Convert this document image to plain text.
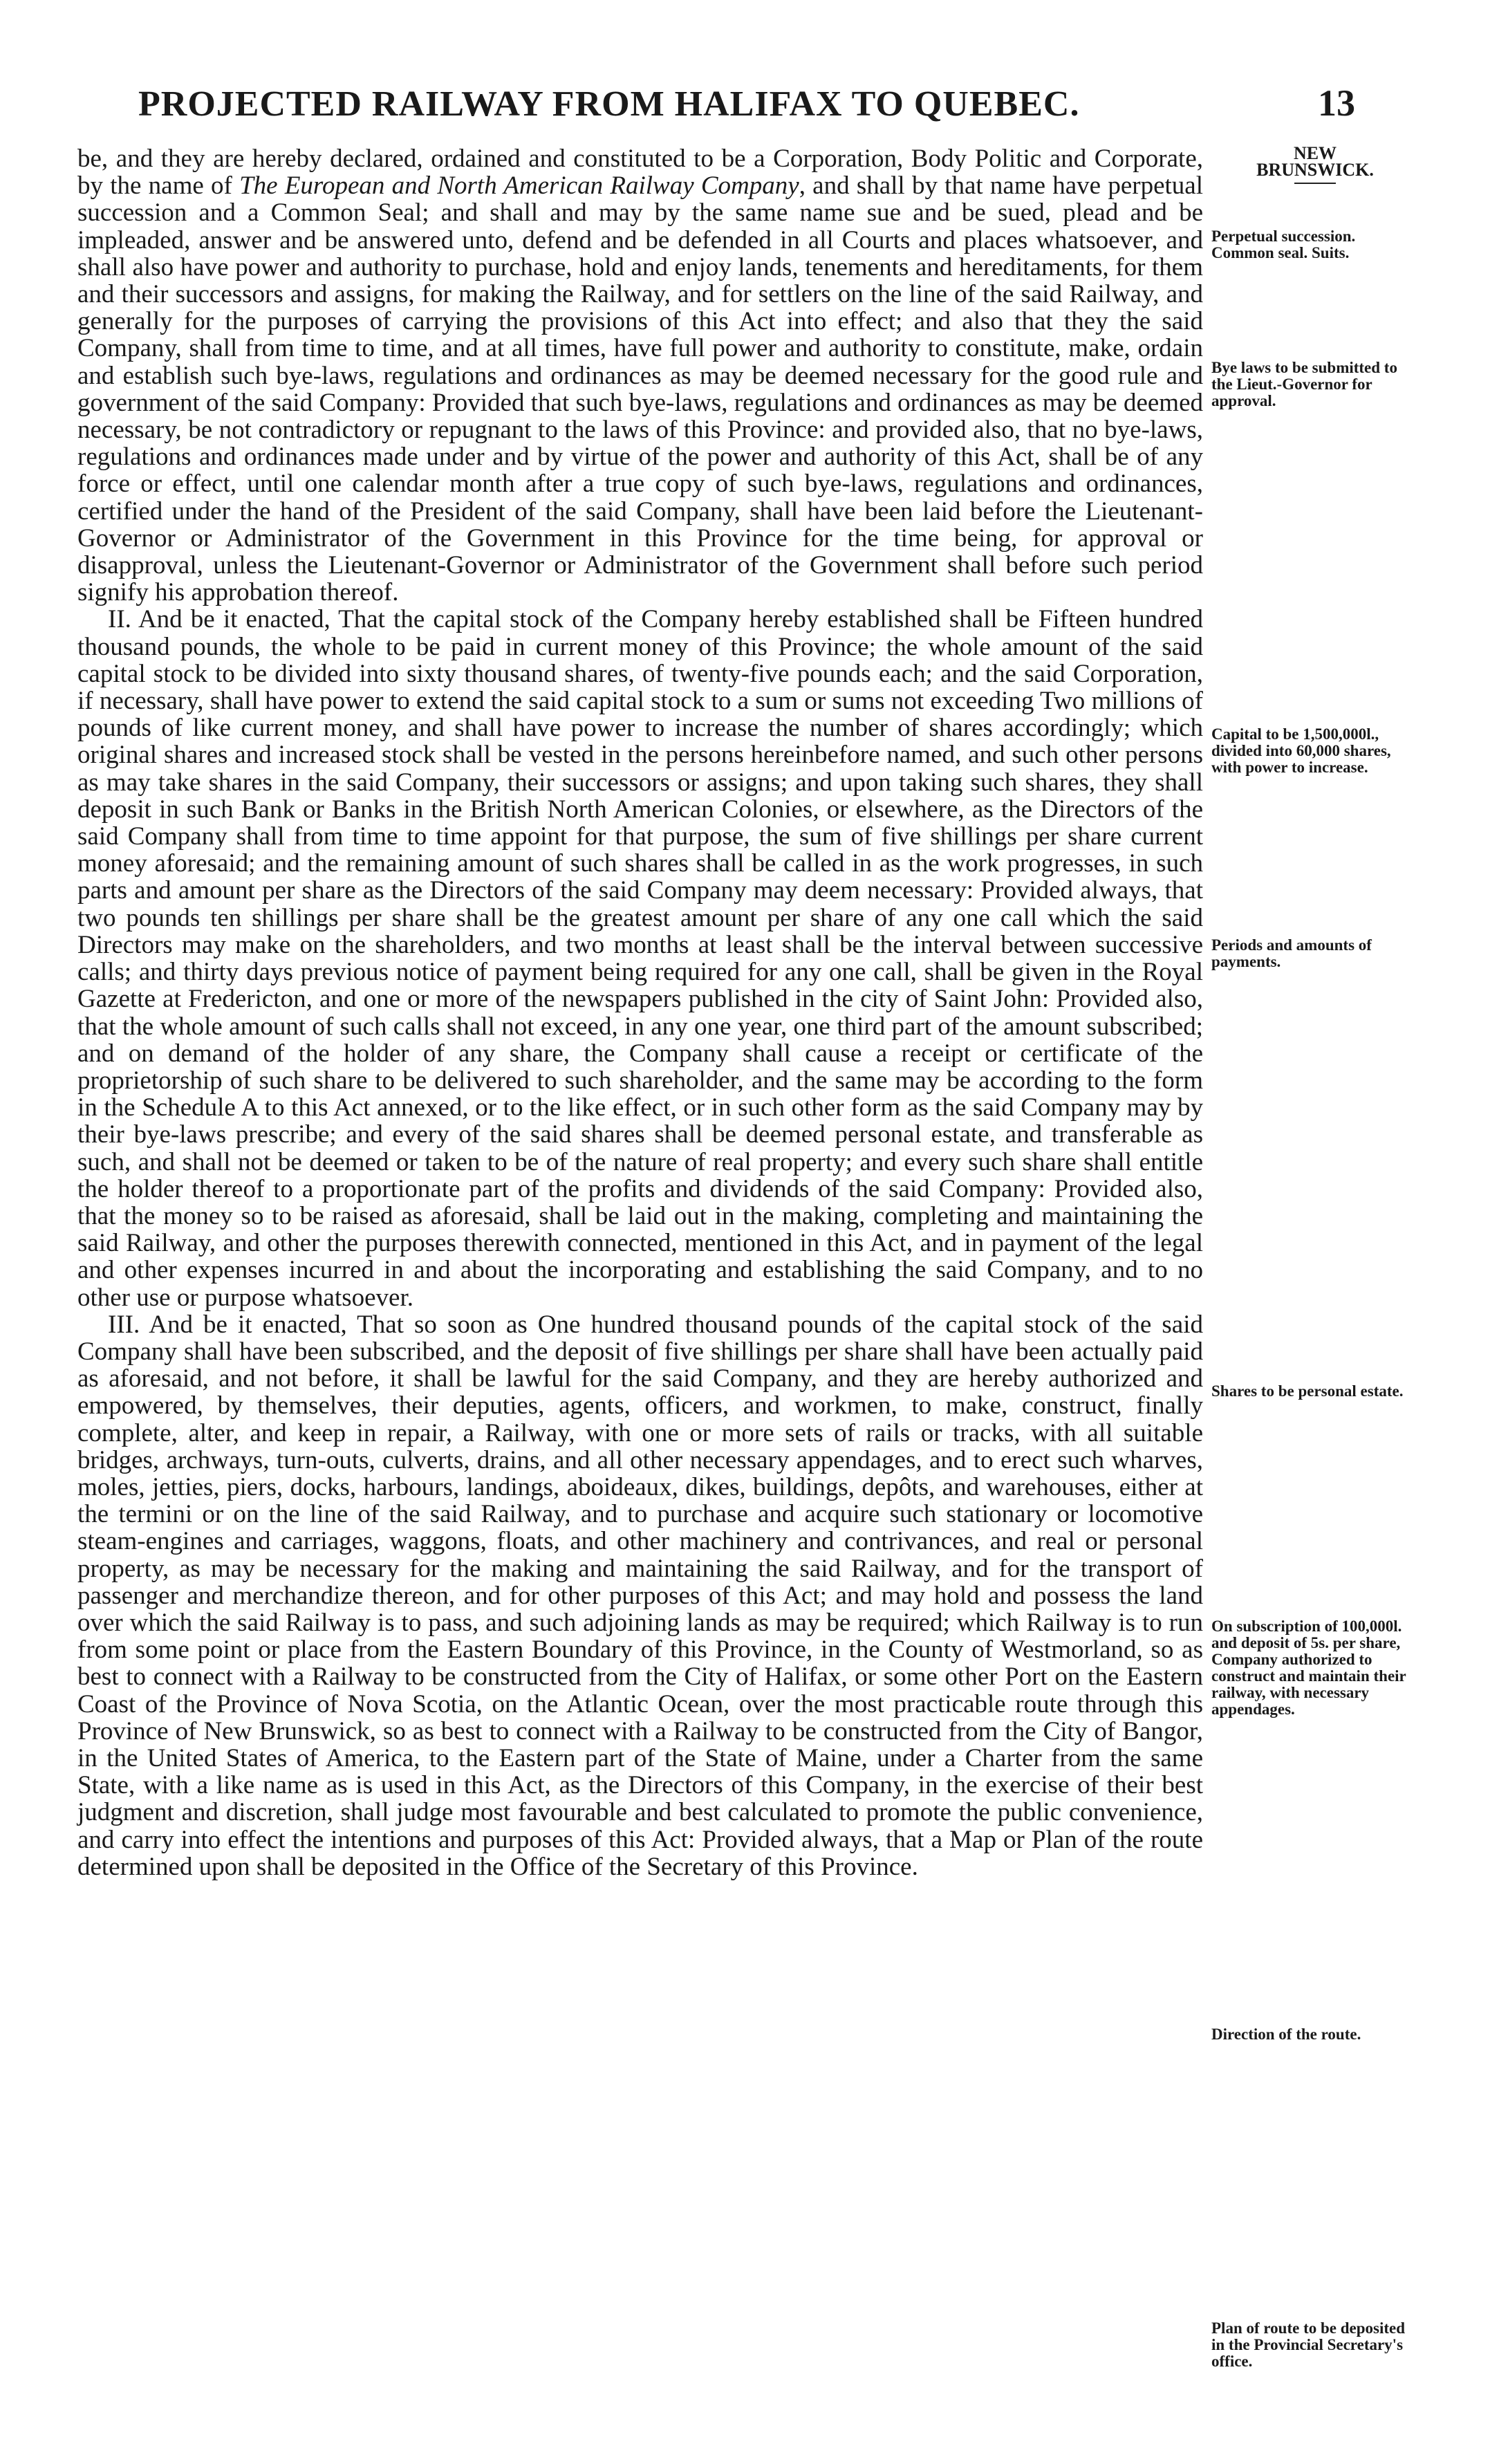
PROJECTED RAILWAY FROM HALIFAX TO QUEBEC.	13

be, and they are hereby declared, ordained and constituted to be a Corporation, Body Politic and Corporate, by the name of The European and North American Railway Company, and shall by that name have perpetual succession and a Common Seal; and shall and may by the same name sue and be sued, plead and be impleaded, answer and be answered unto, defend and be defended in all Courts and places whatsoever, and shall also have power and authority to purchase, hold and enjoy lands, tenements and hereditaments, for them and their successors and assigns, for making the Railway, and for settlers on the line of the said Railway, and generally for the purposes of carrying the provisions of this Act into effect; and also that they the said Company, shall from time to time, and at all times, have full power and authority to constitute, make, ordain and establish such bye-laws, regulations and ordinances as may be deemed necessary for the good rule and government of the said Company: Provided that such bye-laws, regulations and ordinances as may be deemed necessary, be not contradictory or repugnant to the laws of this Province: and provided also, that no bye-laws, regulations and ordinances made under and by virtue of the power and authority of this Act, shall be of any force or effect, until one calendar month after a true copy of such bye-laws, regulations and ordinances, certified under the hand of the President of the said Company, shall have been laid before the Lieutenant-Governor or Administrator of the Government in this Province for the time being, for approval or disapproval, unless the Lieutenant-Governor or Administrator of the Government shall before such period signify his approbation thereof.

II. And be it enacted, That the capital stock of the Company hereby established shall be Fifteen hundred thousand pounds, the whole to be paid in current money of this Province; the whole amount of the said capital stock to be divided into sixty thousand shares, of twenty-five pounds each; and the said Corporation, if necessary, shall have power to extend the said capital stock to a sum or sums not exceeding Two millions of pounds of like current money, and shall have power to increase the number of shares accordingly; which original shares and increased stock shall be vested in the persons hereinbefore named, and such other persons as may take shares in the said Company, their successors or assigns; and upon taking such shares, they shall deposit in such Bank or Banks in the British North American Colonies, or elsewhere, as the Directors of the said Company shall from time to time appoint for that purpose, the sum of five shillings per share current money aforesaid; and the remaining amount of such shares shall be called in as the work progresses, in such parts and amount per share as the Directors of the said Company may deem necessary: Provided always, that two pounds ten shillings per share shall be the greatest amount per share of any one call which the said Directors may make on the shareholders, and two months at least shall be the interval between successive calls; and thirty days previous notice of payment being required for any one call, shall be given in the Royal Gazette at Fredericton, and one or more of the newspapers published in the city of Saint John: Provided also, that the whole amount of such calls shall not exceed, in any one year, one third part of the amount subscribed; and on demand of the holder of any share, the Company shall cause a receipt or certificate of the proprietorship of such share to be delivered to such shareholder, and the same may be according to the form in the Schedule A to this Act annexed, or to the like effect, or in such other form as the said Company may by their bye-laws prescribe; and every of the said shares shall be deemed personal estate, and transferable as such, and shall not be deemed or taken to be of the nature of real property; and every such share shall entitle the holder thereof to a proportionate part of the profits and dividends of the said Company: Provided also, that the money so to be raised as aforesaid, shall be laid out in the making, completing and maintaining the said Railway, and other the purposes therewith connected, mentioned in this Act, and in payment of the legal and other expenses incurred in and about the incorporating and establishing the said Company, and to no other use or purpose whatsoever.

III. And be it enacted, That so soon as One hundred thousand pounds of the capital stock of the said Company shall have been subscribed, and the deposit of five shillings per share shall have been actually paid as aforesaid, and not before, it shall be lawful for the said Company, and they are hereby authorized and empowered, by themselves, their deputies, agents, officers, and workmen, to make, construct, finally complete, alter, and keep in repair, a Railway, with one or more sets of rails or tracks, with all suitable bridges, archways, turn-outs, culverts, drains, and all other necessary appendages, and to erect such wharves, moles, jetties, piers, docks, harbours, landings, aboideaux, dikes, buildings, depôts, and warehouses, either at the termini or on the line of the said Railway, and to purchase and acquire such stationary or locomotive steam-engines and carriages, waggons, floats, and other machinery and contrivances, and real or personal property, as may be necessary for the making and maintaining the said Railway, and for the transport of passenger and merchandize thereon, and for other purposes of this Act; and may hold and possess the land over which the said Railway is to pass, and such adjoining lands as may be required; which Railway is to run from some point or place from the Eastern Boundary of this Province, in the County of Westmorland, so as best to connect with a Railway to be constructed from the City of Halifax, or some other Port on the Eastern Coast of the Province of Nova Scotia, on the Atlantic Ocean, over the most practicable route through this Province of New Brunswick, so as best to connect with a Railway to be constructed from the City of Bangor, in the United States of America, to the Eastern part of the State of Maine, under a Charter from the same State, with a like name as is used in this Act, as the Directors of this Company, in the exercise of their best judgment and discretion, shall judge most favourable and best calculated to promote the public convenience, and carry into effect the intentions and purposes of this Act: Provided always, that a Map or Plan of the route determined upon shall be deposited in the Office of the Secretary of this Province.

NEW
BRUNSWICK.
Perpetual succession. Common seal. Suits.
Bye laws to be submitted to the Lieut.-Governor for approval.
Capital to be 1,500,000l., divided into 60,000 shares, with power to increase.
Periods and amounts of payments.
Shares to be personal estate.
On subscription of 100,000l. and deposit of 5s. per share, Company authorized to construct and maintain their railway, with necessary appendages.
Direction of the route.
Plan of route to be deposited in the Provincial Secretary's office.
